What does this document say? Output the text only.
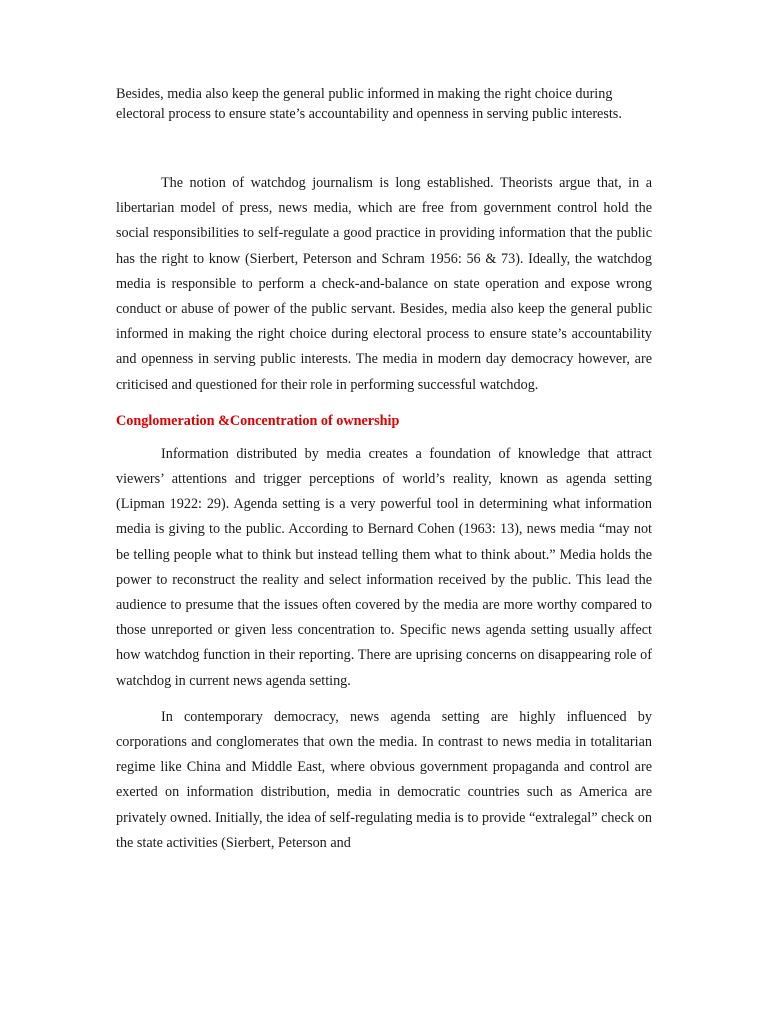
Besides, media also keep the general public informed in making the right choice during electoral process to ensure state’s accountability and openness in serving public interests.

The notion of watchdog journalism is long established. Theorists argue that, in a libertarian model of press, news media, which are free from government control hold the social responsibilities to self-regulate a good practice in providing information that the public has the right to know (Sierbert, Peterson and Schram 1956: 56 & 73). Ideally, the watchdog media is responsible to perform a check-and-balance on state operation and expose wrong conduct or abuse of power of the public servant. Besides, media also keep the general public informed in making the right choice during electoral process to ensure state’s accountability and openness in serving public interests. The media in modern day democracy however, are criticised and questioned for their role in performing successful watchdog.

Conglomeration &Concentration of ownership

Information distributed by media creates a foundation of knowledge that attract viewers’ attentions and trigger perceptions of world’s reality, known as agenda setting (Lipman 1922: 29). Agenda setting is a very powerful tool in determining what information media is giving to the public. According to Bernard Cohen (1963: 13), news media “may not be telling people what to think but instead telling them what to think about.” Media holds the power to reconstruct the reality and select information received by the public. This lead the audience to presume that the issues often covered by the media are more worthy compared to those unreported or given less concentration to. Specific news agenda setting usually affect how watchdog function in their reporting. There are uprising concerns on disappearing role of watchdog in current news agenda setting.

In contemporary democracy, news agenda setting are highly influenced by corporations and conglomerates that own the media. In contrast to news media in totalitarian regime like China and Middle East, where obvious government propaganda and control are exerted on information distribution, media in democratic countries such as America are privately owned. Initially, the idea of self-regulating media is to provide “extralegal” check on the state activities (Sierbert, Peterson and
